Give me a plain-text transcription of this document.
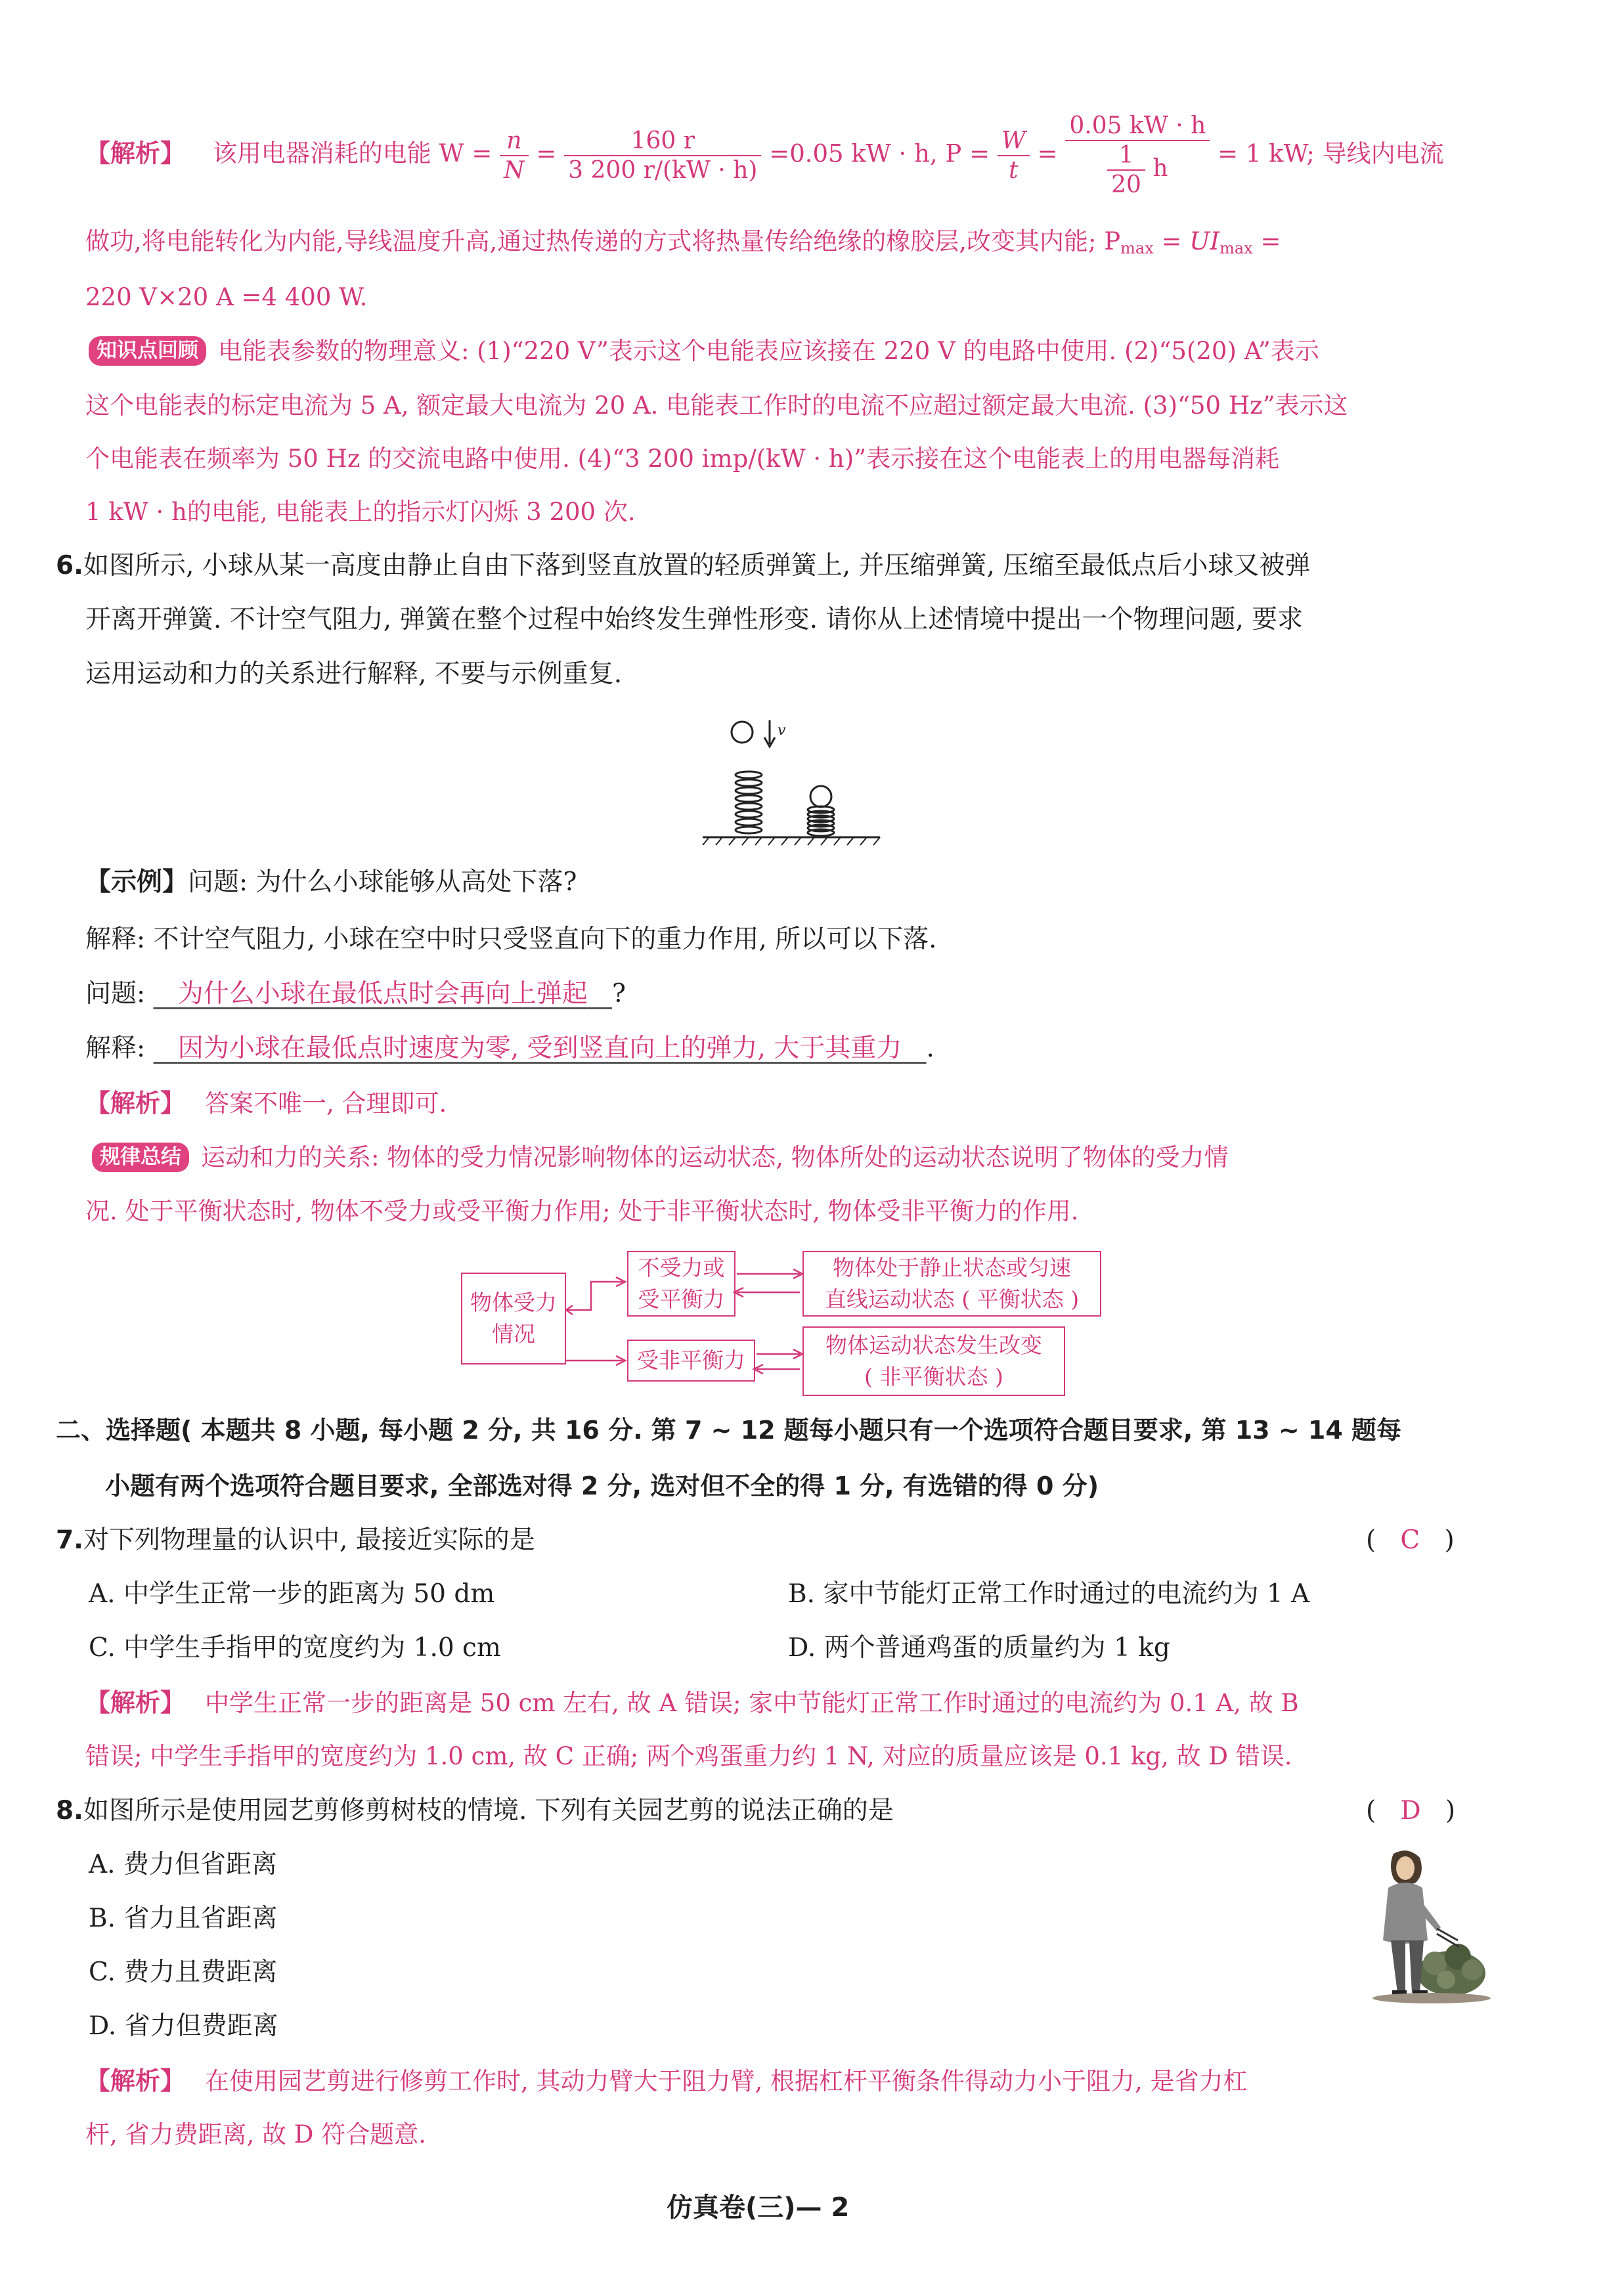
【解析】 该用电器消耗的电能 $W = \frac{n}{N} = \frac{160 r}{3 200 r/(kW \cdot h)} =0.05$ kW · h, $P = \frac{W}{t} = \frac{0.05 kW \cdot h}{\frac{1}{20} h} = 1$ kW; 导线内电流
做功,将电能转化为内能,导线温度升高,通过热传递的方式将热量传给绝缘的橡胶层,改变其内能; $P_{max} = UI_{max}$ =
220 V×20 A =4 400 W.
知识点回顾 电能表参数的物理意义: (1)“220 V”表示这个电能表应该接在 220 V 的电路中使用. (2)“5(20) A”表示
这个电能表的标定电流为 5 A, 额定最大电流为 20 A. 电能表工作时的电流不应超过额定最大电流. (3)“50 Hz”表示这
个电能表在频率为 50 Hz 的交流电路中使用. (4)“3 200 imp/(kW · h)”表示接在这个电能表上的用电器每消耗
1 kW · h的电能, 电能表上的指示灯闪烁 3 200 次.
6.如图所示, 小球从某一高度由静止自由下落到竖直放置的轻质弹簧上, 并压缩弹簧, 压缩至最低点后小球又被弹
开离开弹簧. 不计空气阻力, 弹簧在整个过程中始终发生弹性形变. 请你从上述情境中提出一个物理问题, 要求
运用运动和力的关系进行解释, 不要与示例重复.
v
【示例】问题: 为什么小球能够从高处下落?
解释: 不计空气阻力, 小球在空中时只受竖直向下的重力作用, 所以可以下落.
问题: 为什么小球在最低点时会再向上弹起 ?
解释: 因为小球在最低点时速度为零, 受到竖直向上的弹力, 大于其重力 .
【解析】 答案不唯一, 合理即可.
规律总结 运动和力的关系: 物体的受力情况影响物体的运动状态, 物体所处的运动状态说明了物体的受力情
况. 处于平衡状态时, 物体不受力或受平衡力作用; 处于非平衡状态时, 物体受非平衡力的作用.
物体受力
情况
不受力或
受平衡力
物体处于静止状态或匀速
直线运动状态 ( 平衡状态 )
受非平衡力
物体运动状态发生改变
( 非平衡状态 )
二、选择题( 本题共 8 小题, 每小题 2 分, 共 16 分. 第 7 ~ 12 题每小题只有一个选项符合题目要求, 第 13 ~ 14 题每
小题有两个选项符合题目要求, 全部选对得 2 分, 选对但不全的得 1 分, 有选错的得 0 分)
7.对下列物理量的认识中, 最接近实际的是	( C )
A. 中学生正常一步的距离为 50 dm	B. 家中节能灯正常工作时通过的电流约为 1 A
C. 中学生手指甲的宽度约为 1.0 cm	D. 两个普通鸡蛋的质量约为 1 kg
【解析】 中学生正常一步的距离是 50 cm 左右, 故 A 错误; 家中节能灯正常工作时通过的电流约为 0.1 A, 故 B
错误; 中学生手指甲的宽度约为 1.0 cm, 故 C 正确; 两个鸡蛋重力约 1 N, 对应的质量应该是 0.1 kg, 故 D 错误.
8.如图所示是使用园艺剪修剪树枝的情境. 下列有关园艺剪的说法正确的是	( D )
A. 费力但省距离
B. 省力且省距离
C. 费力且费距离
D. 省力但费距离
【解析】 在使用园艺剪进行修剪工作时, 其动力臂大于阻力臂, 根据杠杆平衡条件得动力小于阻力, 是省力杠
杆, 省力费距离, 故 D 符合题意.
仿真卷(三)— 2
